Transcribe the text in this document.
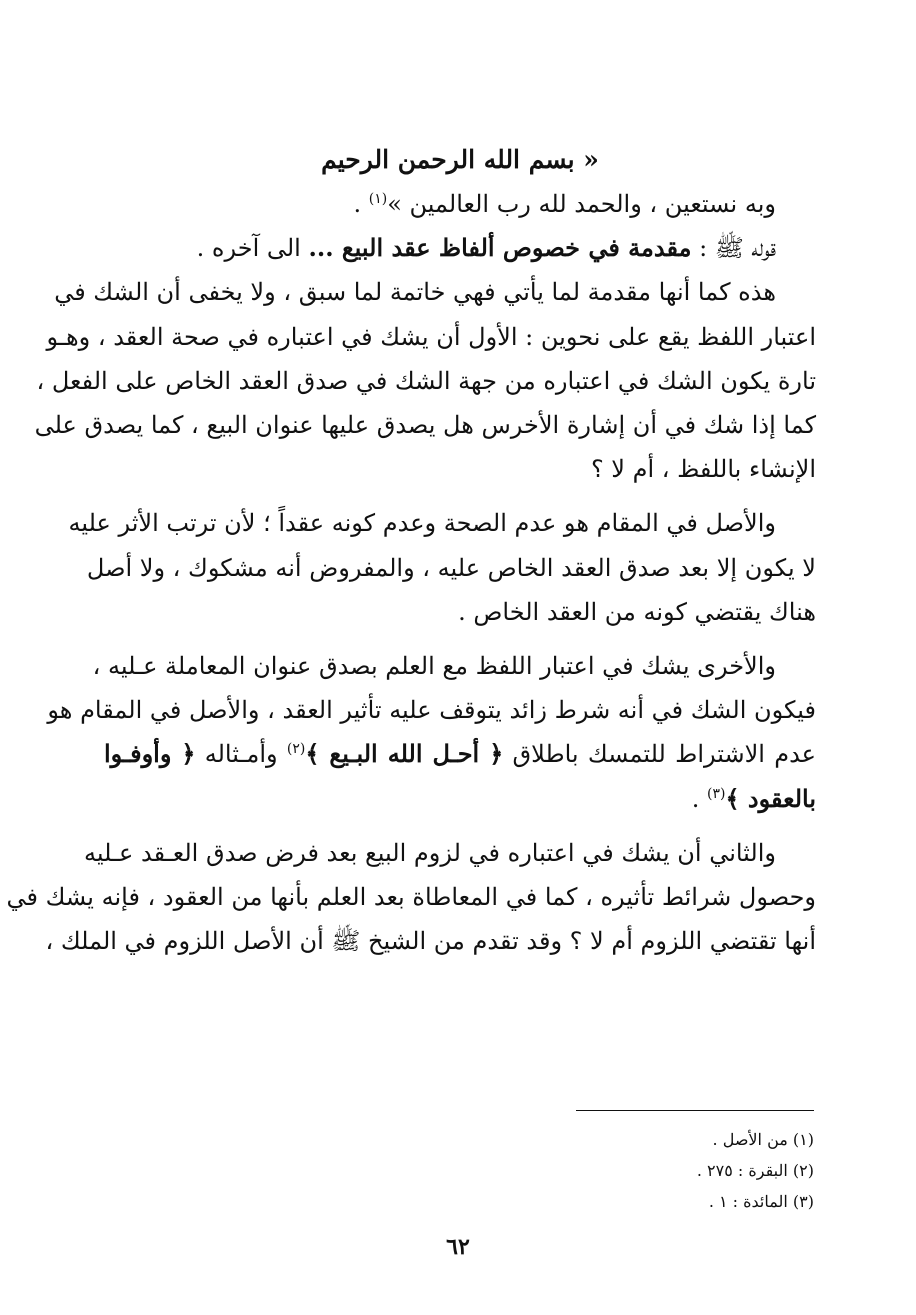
« بسم الله الرحمن الرحيم

وبه نستعين ، والحمد لله رب العالمين »$^{(١)}$ .

قوله ﷺ : مقدمة في خصوص ألفاظ عقد البيع ... الى آخره .

هذه كما أنها مقدمة لما يأتي فهي خاتمة لما سبق ، ولا يخفى أن الشك في

اعتبار اللفظ يقع على نحوين : الأول أن يشك في اعتباره في صحة العقد ، وهـو

تارة يكون الشك في اعتباره من جهة الشك في صدق العقد الخاص على الفعل ،

كما إذا شك في أن إشارة الأخرس هل يصدق عليها عنوان البيع ، كما يصدق على

الإنشاء باللفظ ، أم لا ؟

والأصل في المقام هو عدم الصحة وعدم كونه عقداً ؛ لأن ترتب الأثر عليه

لا يكون إلا بعد صدق العقد الخاص عليه ، والمفروض أنه مشكوك ، ولا أصل

هناك يقتضي كونه من العقد الخاص .

والأخرى يشك في اعتبار اللفظ مع العلم بصدق عنوان المعاملة عـليه ،

فيكون الشك في أنه شرط زائد يتوقف عليه تأثير العقد ، والأصل في المقام هو

عدم الاشتراط للتمسك باطلاق ﴿ أحـل الله البـيع ﴾$^{(٢)}$ وأمـثاله ﴿ وأوفـوا

بالعقود ﴾$^{(٣)}$ .

والثاني أن يشك في اعتباره في لزوم البيع بعد فرض صدق العـقد عـليه

وحصول شرائط تأثيره ، كما في المعاطاة بعد العلم بأنها من العقود ، فإنه يشك في

أنها تقتضي اللزوم أم لا ؟ وقد تقدم من الشيخ ﷺ أن الأصل اللزوم في الملك ،

(١) من الأصل .

(٢) البقرة : ٢٧٥ .

(٣) المائدة : ١ .

٦٢
